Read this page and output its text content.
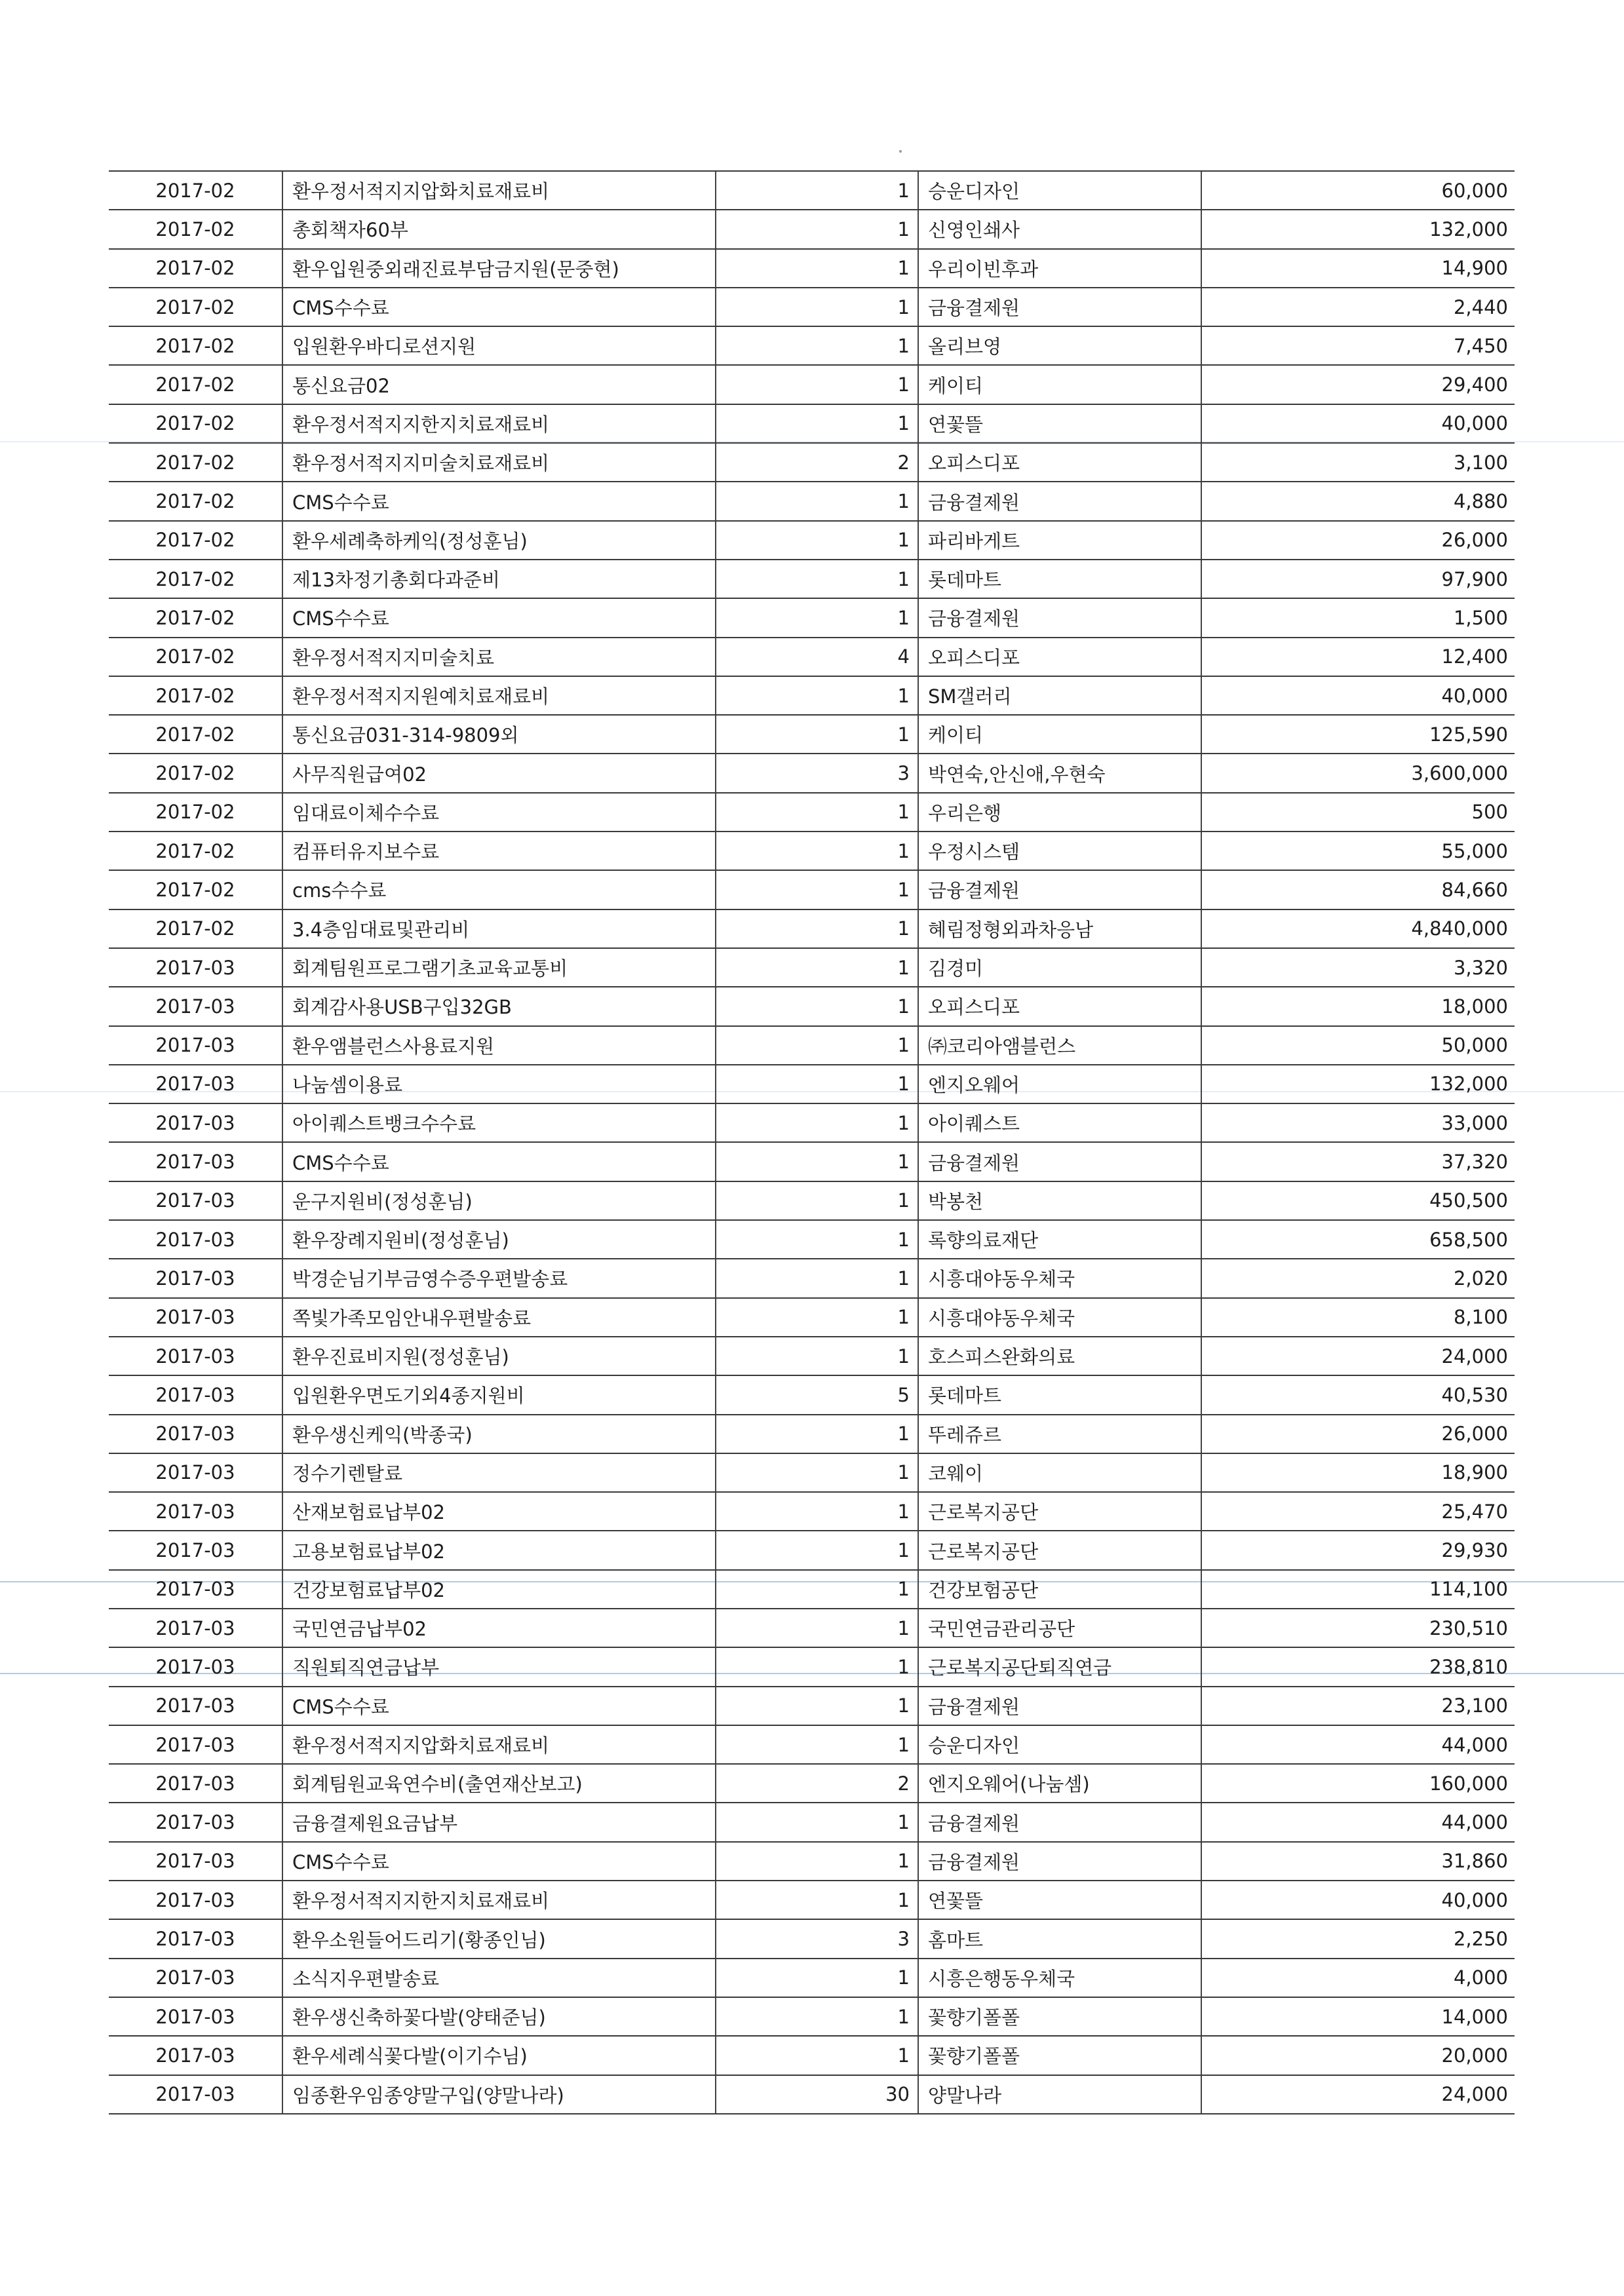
2017-02	환우정서적지지압화치료재료비	1 승운디자인	60,000
2017-02	총회책자60부	1 신영인쇄사	132,000
2017-02	환우입원중외래진료부담금지원(문중현)	1 우리이빈후과	14,900
2017-02	CMS수수료	1 금융결제원	2,440
2017-02	입원환우바디로션지원	1 올리브영	7,450
2017-02	통신요금02	1 케이티	29,400
2017-02	환우정서적지지한지치료재료비	1 연꽃뜰	40,000
2017-02	환우정서적지지미술치료재료비	2 오피스디포	3,100
2017-02	CMS수수료	1 금융결제원	4,880
2017-02	환우세례축하케익(정성훈님)	1 파리바게트	26,000
2017-02	제13차정기총회다과준비	1 롯데마트	97,900
2017-02	CMS수수료	1 금융결제원	1,500
2017-02	환우정서적지지미술치료	4 오피스디포	12,400
2017-02	환우정서적지지원예치료재료비	1 SM갤러리	40,000
2017-02	통신요금031-314-9809외	1 케이티	125,590
2017-02	사무직원급여02	3 박연숙,안신애,우현숙	3,600,000
2017-02	임대료이체수수료	1 우리은행	500
2017-02	컴퓨터유지보수료	1 우정시스템	55,000
2017-02	cms수수료	1 금융결제원	84,660
2017-02	3.4층임대료및관리비	1 혜림정형외과차응남	4,840,000
2017-03	회계팀원프로그램기초교육교통비	1 김경미	3,320
2017-03	회계감사용USB구입32GB	1 오피스디포	18,000
2017-03	환우앰블런스사용료지원	1 ㈜코리아앰블런스	50,000
2017-03	나눔셈이용료	1 엔지오웨어	132,000
2017-03	아이퀘스트뱅크수수료	1 아이퀘스트	33,000
2017-03	CMS수수료	1 금융결제원	37,320
2017-03	운구지원비(정성훈님)	1 박봉천	450,500
2017-03	환우장례지원비(정성훈님)	1 록향의료재단	658,500
2017-03	박경순님기부금영수증우편발송료	1 시흥대야동우체국	2,020
2017-03	쪽빛가족모임안내우편발송료	1 시흥대야동우체국	8,100
2017-03	환우진료비지원(정성훈님)	1 호스피스완화의료	24,000
2017-03	입원환우면도기외4종지원비	5 롯데마트	40,530
2017-03	환우생신케익(박종국)	1 뚜레쥬르	26,000
2017-03	정수기렌탈료	1 코웨이	18,900
2017-03	산재보험료납부02	1 근로복지공단	25,470
2017-03	고용보험료납부02	1 근로복지공단	29,930
2017-03	건강보험료납부02	1 건강보험공단	114,100
2017-03	국민연금납부02	1 국민연금관리공단	230,510
2017-03	직원퇴직연금납부	1 근로복지공단퇴직연금	238,810
2017-03	CMS수수료	1 금융결제원	23,100
2017-03	환우정서적지지압화치료재료비	1 승운디자인	44,000
2017-03	회계팀원교육연수비(출연재산보고)	2 엔지오웨어(나눔셈)	160,000
2017-03	금융결제원요금납부	1 금융결제원	44,000
2017-03	CMS수수료	1 금융결제원	31,860
2017-03	환우정서적지지한지치료재료비	1 연꽃뜰	40,000
2017-03	환우소원들어드리기(황종인님)	3 홈마트	2,250
2017-03	소식지우편발송료	1 시흥은행동우체국	4,000
2017-03	환우생신축하꽃다발(양태준님)	1 꽃향기폴폴	14,000
2017-03	환우세례식꽃다발(이기수님)	1 꽃향기폴폴	20,000
2017-03	임종환우임종양말구입(양말나라)	30 양말나라	24,000
